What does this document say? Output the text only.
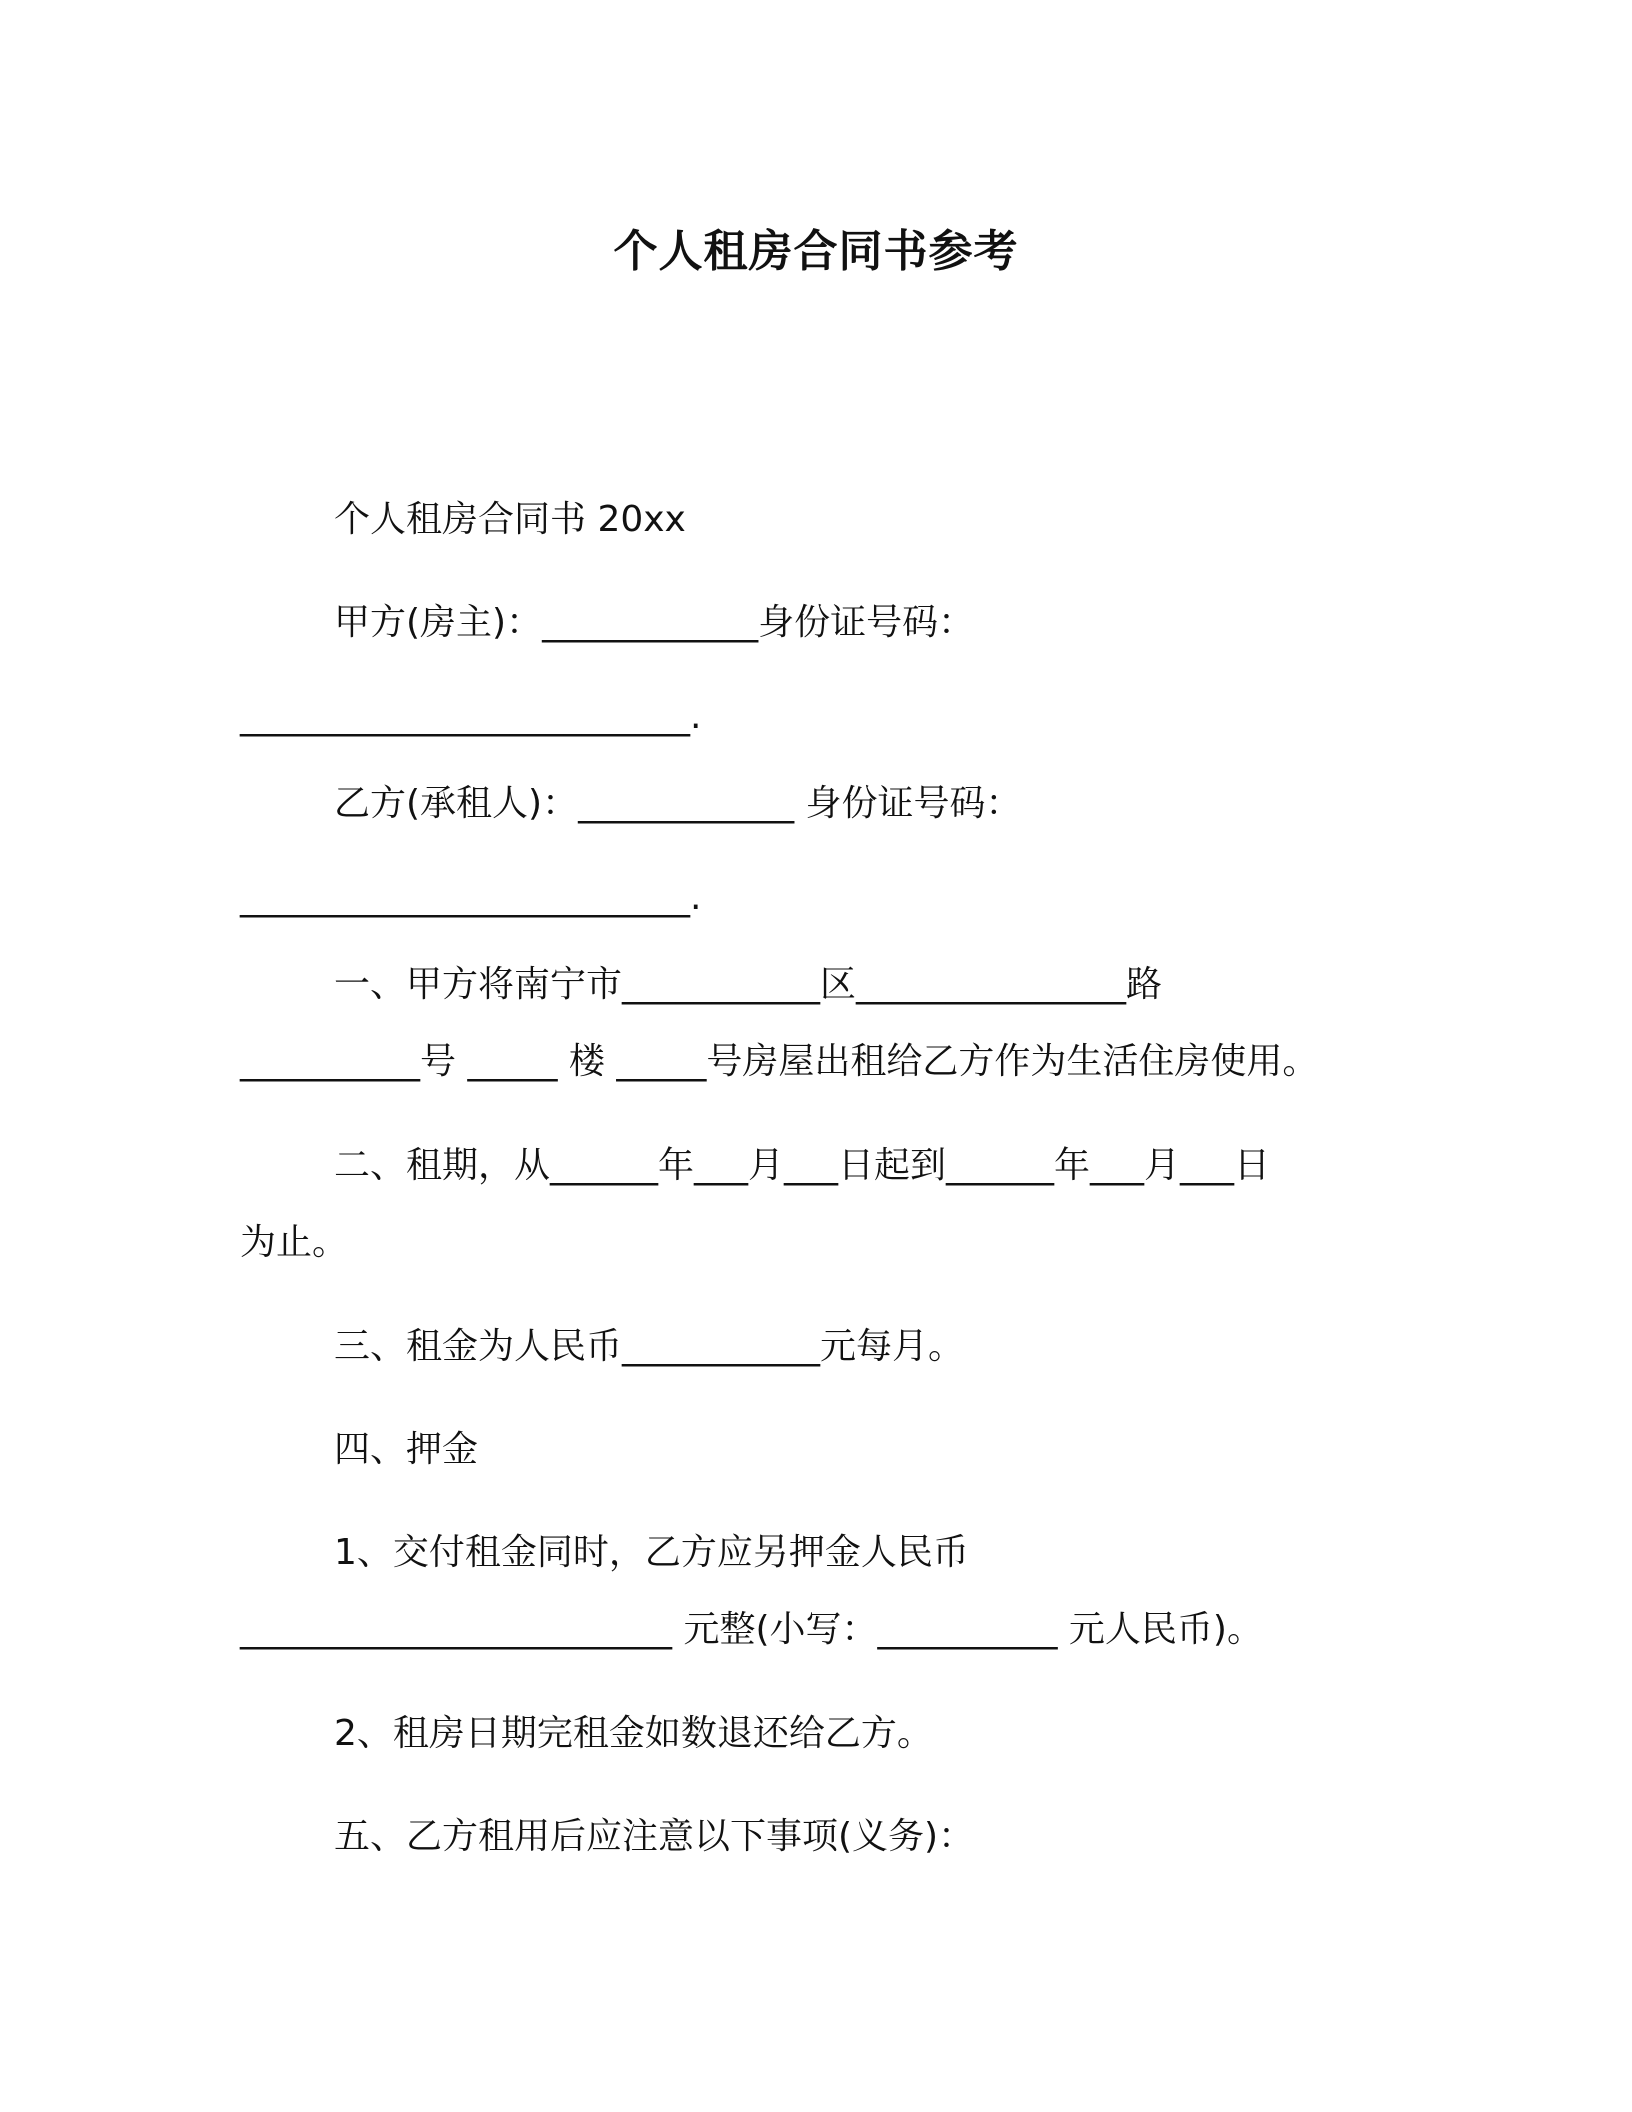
个人租房合同书参考
个人租房合同书 20xx
甲方(房主)：____________身份证号码：
_________________________.
乙方(承租人)：____________ 身份证号码：
_________________________.
一、甲方将南宁市___________区_______________路
__________号 _____ 楼 _____号房屋出租给乙方作为生活住房使用。
二、租期，从______年___月___日起到______年___月___日
为止。
三、租金为人民币___________元每月。
四、押金
1、交付租金同时，乙方应另押金人民币
________________________ 元整(小写：__________ 元人民币)。
2、租房日期完租金如数退还给乙方。
五、乙方租用后应注意以下事项(义务)：
